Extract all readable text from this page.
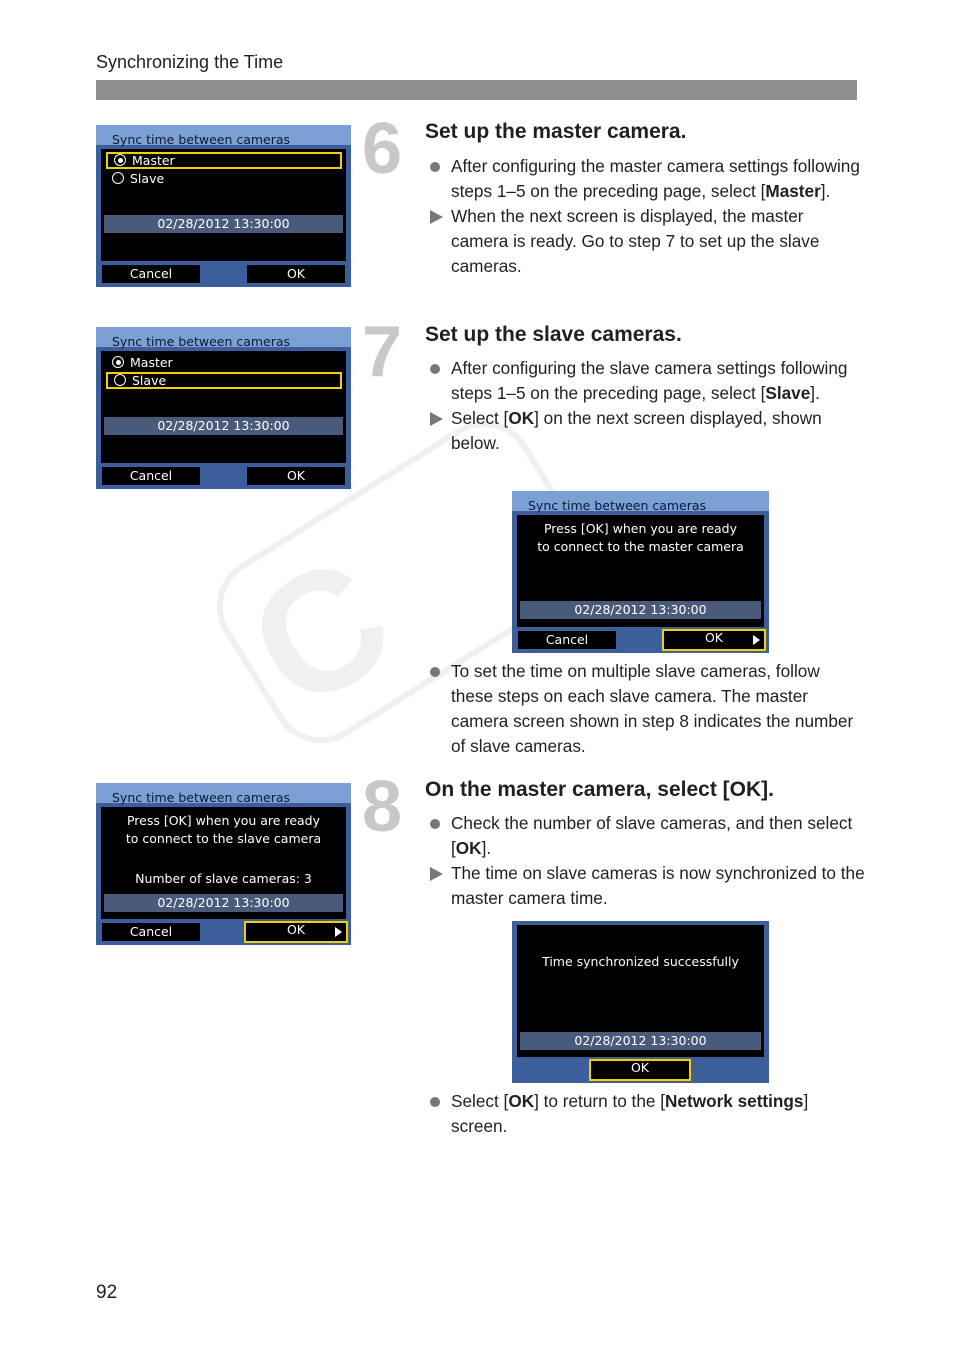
Synchronizing the Time
C
Sync time between cameras
Master
Slave
02/28/2012 13:30:00
Cancel	OK
6 Set up the master camera.
After configuring the master camera settings following steps 1–5 on the preceding page, select [Master].
When the next screen is displayed, the master camera is ready. Go to step 7 to set up the slave cameras.
Sync time between cameras
Master
Slave
02/28/2012 13:30:00
Cancel	OK
7 Set up the slave cameras.
After configuring the slave camera settings following steps 1–5 on the preceding page, select [Slave].
Select [OK] on the next screen displayed, shown below.
Sync time between cameras
Press [OK] when you are ready
to connect to the master camera
02/28/2012 13:30:00
Cancel	OK
To set the time on multiple slave cameras, follow these steps on each slave camera. The master camera screen shown in step 8 indicates the number of slave cameras.
Sync time between cameras
Press [OK] when you are ready
to connect to the slave camera
Number of slave cameras: 3
02/28/2012 13:30:00
Cancel	OK
8 On the master camera, select [OK].
Check the number of slave cameras, and then select [OK].
The time on slave cameras is now synchronized to the master camera time.
Time synchronized successfully
02/28/2012 13:30:00
OK
Select [OK] to return to the [Network settings] screen.
92
